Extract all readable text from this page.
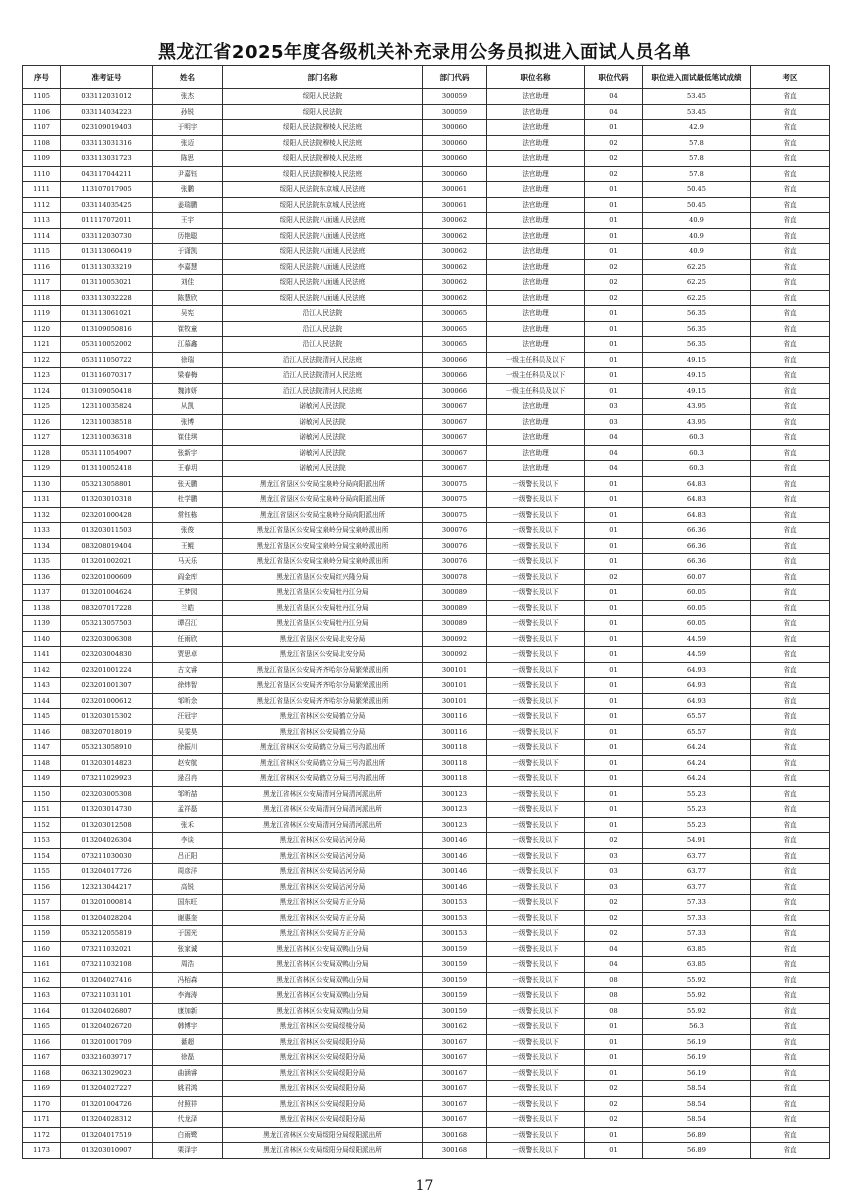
黑龙江省2025年度各级机关补充录用公务员拟进入面试人员名单
序号	准考证号	姓名	部门名称	部门代码	职位名称	职位代码	职位进入面试最低笔试成绩	考区
1105	033112031012	张杰	绥阳人民法院	300059	法官助理	04	53.45	省直
1106	033114034223	孙锐	绥阳人民法院	300059	法官助理	04	53.45	省直
1107	023109019403	于明宇	绥阳人民法院穆棱人民法庭	300060	法官助理	01	42.9	省直
1108	033113031316	张迈	绥阳人民法院穆棱人民法庭	300060	法官助理	02	57.8	省直
1109	033113031723	陈思	绥阳人民法院穆棱人民法庭	300060	法官助理	02	57.8	省直
1110	043117044211	尹嘉钰	绥阳人民法院穆棱人民法庭	300060	法官助理	02	57.8	省直
1111	113107017905	张鹏	绥阳人民法院东京城人民法庭	300061	法官助理	01	50.45	省直
1112	033114035425	姜瑞鹏	绥阳人民法院东京城人民法庭	300061	法官助理	01	50.45	省直
1113	011117072011	王宇	绥阳人民法院八面通人民法庭	300062	法官助理	01	40.9	省直
1114	033112030730	历艳聪	绥阳人民法院八面通人民法庭	300062	法官助理	01	40.9	省直
1115	013113060419	于潇凯	绥阳人民法院八面通人民法庭	300062	法官助理	01	40.9	省直
1116	013113033219	李嘉慧	绥阳人民法院八面通人民法庭	300062	法官助理	02	62.25	省直
1117	013110053021	刘佳	绥阳人民法院八面通人民法庭	300062	法官助理	02	62.25	省直
1118	033113032228	陈慧欣	绥阳人民法院八面通人民法庭	300062	法官助理	02	62.25	省直
1119	013113061021	吴宪	沿江人民法院	300065	法官助理	01	56.35	省直
1120	013109050816	崔牧童	沿江人民法院	300065	法官助理	01	56.35	省直
1121	053110052002	江慕鑫	沿江人民法院	300065	法官助理	01	56.35	省直
1122	053111050722	徐瑞	沿江人民法院清河人民法庭	300066	一级主任科员及以下	01	49.15	省直
1123	013116070317	梁春梅	沿江人民法院清河人民法庭	300066	一级主任科员及以下	01	49.15	省直
1124	013109050418	魏沛妍	沿江人民法院清河人民法庭	300066	一级主任科员及以下	01	49.15	省直
1125	123110035824	从凯	诺敏河人民法院	300067	法官助理	03	43.95	省直
1126	123110038518	张博	诺敏河人民法院	300067	法官助理	03	43.95	省直
1127	123110036318	崔佳琪	诺敏河人民法院	300067	法官助理	04	60.3	省直
1128	053111054907	张新宇	诺敏河人民法院	300067	法官助理	04	60.3	省直
1129	013110052418	王春玥	诺敏河人民法院	300067	法官助理	04	60.3	省直
1130	053213058801	张天鹏	黑龙江省垦区公安局宝泉岭分局向阳派出所	300075	一级警长及以下	01	64.83	省直
1131	013203010318	杜学鹏	黑龙江省垦区公安局宝泉岭分局向阳派出所	300075	一级警长及以下	01	64.83	省直
1132	023201000428	常钰栋	黑龙江省垦区公安局宝泉岭分局向阳派出所	300075	一级警长及以下	01	64.83	省直
1133	013203011503	张俊	黑龙江省垦区公安局宝泉岭分局宝泉岭派出所	300076	一级警长及以下	01	66.36	省直
1134	083208019404	王鲲	黑龙江省垦区公安局宝泉岭分局宝泉岭派出所	300076	一级警长及以下	01	66.36	省直
1135	013201002021	马天乐	黑龙江省垦区公安局宝泉岭分局宝泉岭派出所	300076	一级警长及以下	01	66.36	省直
1136	023201000609	阎金库	黑龙江省垦区公安局红兴隆分局	300078	一级警长及以下	02	60.07	省直
1137	013201004624	王梦园	黑龙江省垦区公安局牡丹江分局	300089	一级警长及以下	01	60.05	省直
1138	083207017228	兰皓	黑龙江省垦区公安局牡丹江分局	300089	一级警长及以下	01	60.05	省直
1139	053213057503	谭召江	黑龙江省垦区公安局牡丹江分局	300089	一级警长及以下	01	60.05	省直
1140	023203006308	任雨欣	黑龙江省垦区公安局北安分局	300092	一级警长及以下	01	44.59	省直
1141	023203004830	贾思卓	黑龙江省垦区公安局北安分局	300092	一级警长及以下	01	44.59	省直
1142	023201001224	古文睿	黑龙江省垦区公安局齐齐哈尔分局繁荣派出所	300101	一级警长及以下	01	64.93	省直
1143	023201001307	徐炜智	黑龙江省垦区公安局齐齐哈尔分局繁荣派出所	300101	一级警长及以下	01	64.93	省直
1144	023201000612	邹昕余	黑龙江省垦区公安局齐齐哈尔分局繁荣派出所	300101	一级警长及以下	01	64.93	省直
1145	013203015302	汪冠宇	黑龙江省林区公安局鹤立分局	300116	一级警长及以下	01	65.57	省直
1146	083207018019	吴雯昊	黑龙江省林区公安局鹤立分局	300116	一级警长及以下	01	65.57	省直
1147	053213058910	徐振川	黑龙江省林区公安局鹤立分局三号沟派出所	300118	一级警长及以下	01	64.24	省直
1148	013203014823	赵安航	黑龙江省林区公安局鹤立分局三号沟派出所	300118	一级警长及以下	01	64.24	省直
1149	073211029923	逯召冉	黑龙江省林区公安局鹤立分局三号沟派出所	300118	一级警长及以下	01	64.24	省直
1150	023203005308	邹昕喆	黑龙江省林区公安局清河分局清河派出所	300123	一级警长及以下	01	55.23	省直
1151	013203014730	孟祥磊	黑龙江省林区公安局清河分局清河派出所	300123	一级警长及以下	01	55.23	省直
1152	013203012508	张禾	黑龙江省林区公安局清河分局清河派出所	300123	一级警长及以下	01	55.23	省直
1153	013204026304	李谈	黑龙江省林区公安局沾河分局	300146	一级警长及以下	02	54.91	省直
1154	073211030030	吕正阳	黑龙江省林区公安局沾河分局	300146	一级警长及以下	03	63.77	省直
1155	013204017726	周彦洋	黑龙江省林区公安局沾河分局	300146	一级警长及以下	03	63.77	省直
1156	123213044217	高锐	黑龙江省林区公安局沾河分局	300146	一级警长及以下	03	63.77	省直
1157	013201000814	国东旺	黑龙江省林区公安局方正分局	300153	一级警长及以下	02	57.33	省直
1158	013204028204	谢惠奎	黑龙江省林区公安局方正分局	300153	一级警长及以下	02	57.33	省直
1159	053212055819	于国光	黑龙江省林区公安局方正分局	300153	一级警长及以下	02	57.33	省直
1160	073211032021	张家诚	黑龙江省林区公安局双鸭山分局	300159	一级警长及以下	04	63.85	省直
1161	073211032108	周浩	黑龙江省林区公安局双鸭山分局	300159	一级警长及以下	04	63.85	省直
1162	013204027416	冯栢森	黑龙江省林区公安局双鸭山分局	300159	一级警长及以下	08	55.92	省直
1163	073211031101	李海涛	黑龙江省林区公安局双鸭山分局	300159	一级警长及以下	08	55.92	省直
1164	013204026807	康加新	黑龙江省林区公安局双鸭山分局	300159	一级警长及以下	08	55.92	省直
1165	013204026720	韩博宇	黑龙江省林区公安局绥棱分局	300162	一级警长及以下	01	56.3	省直
1166	013201001709	綦超	黑龙江省林区公安局绥阳分局	300167	一级警长及以下	01	56.19	省直
1167	033216039717	徐磊	黑龙江省林区公安局绥阳分局	300167	一级警长及以下	01	56.19	省直
1168	063213029023	曲涵睿	黑龙江省林区公安局绥阳分局	300167	一级警长及以下	01	56.19	省直
1169	013204027227	姚君鸿	黑龙江省林区公安局绥阳分局	300167	一级警长及以下	02	58.54	省直
1170	013201004726	付照祥	黑龙江省林区公安局绥阳分局	300167	一级警长及以下	02	58.54	省直
1171	013204028312	代龙泽	黑龙江省林区公安局绥阳分局	300167	一级警长及以下	02	58.54	省直
1172	013204017519	白雨鹭	黑龙江省林区公安局绥阳分局绥阳派出所	300168	一级警长及以下	01	56.89	省直
1173	013203010907	栗泽宇	黑龙江省林区公安局绥阳分局绥阳派出所	300168	一级警长及以下	01	56.89	省直
17
